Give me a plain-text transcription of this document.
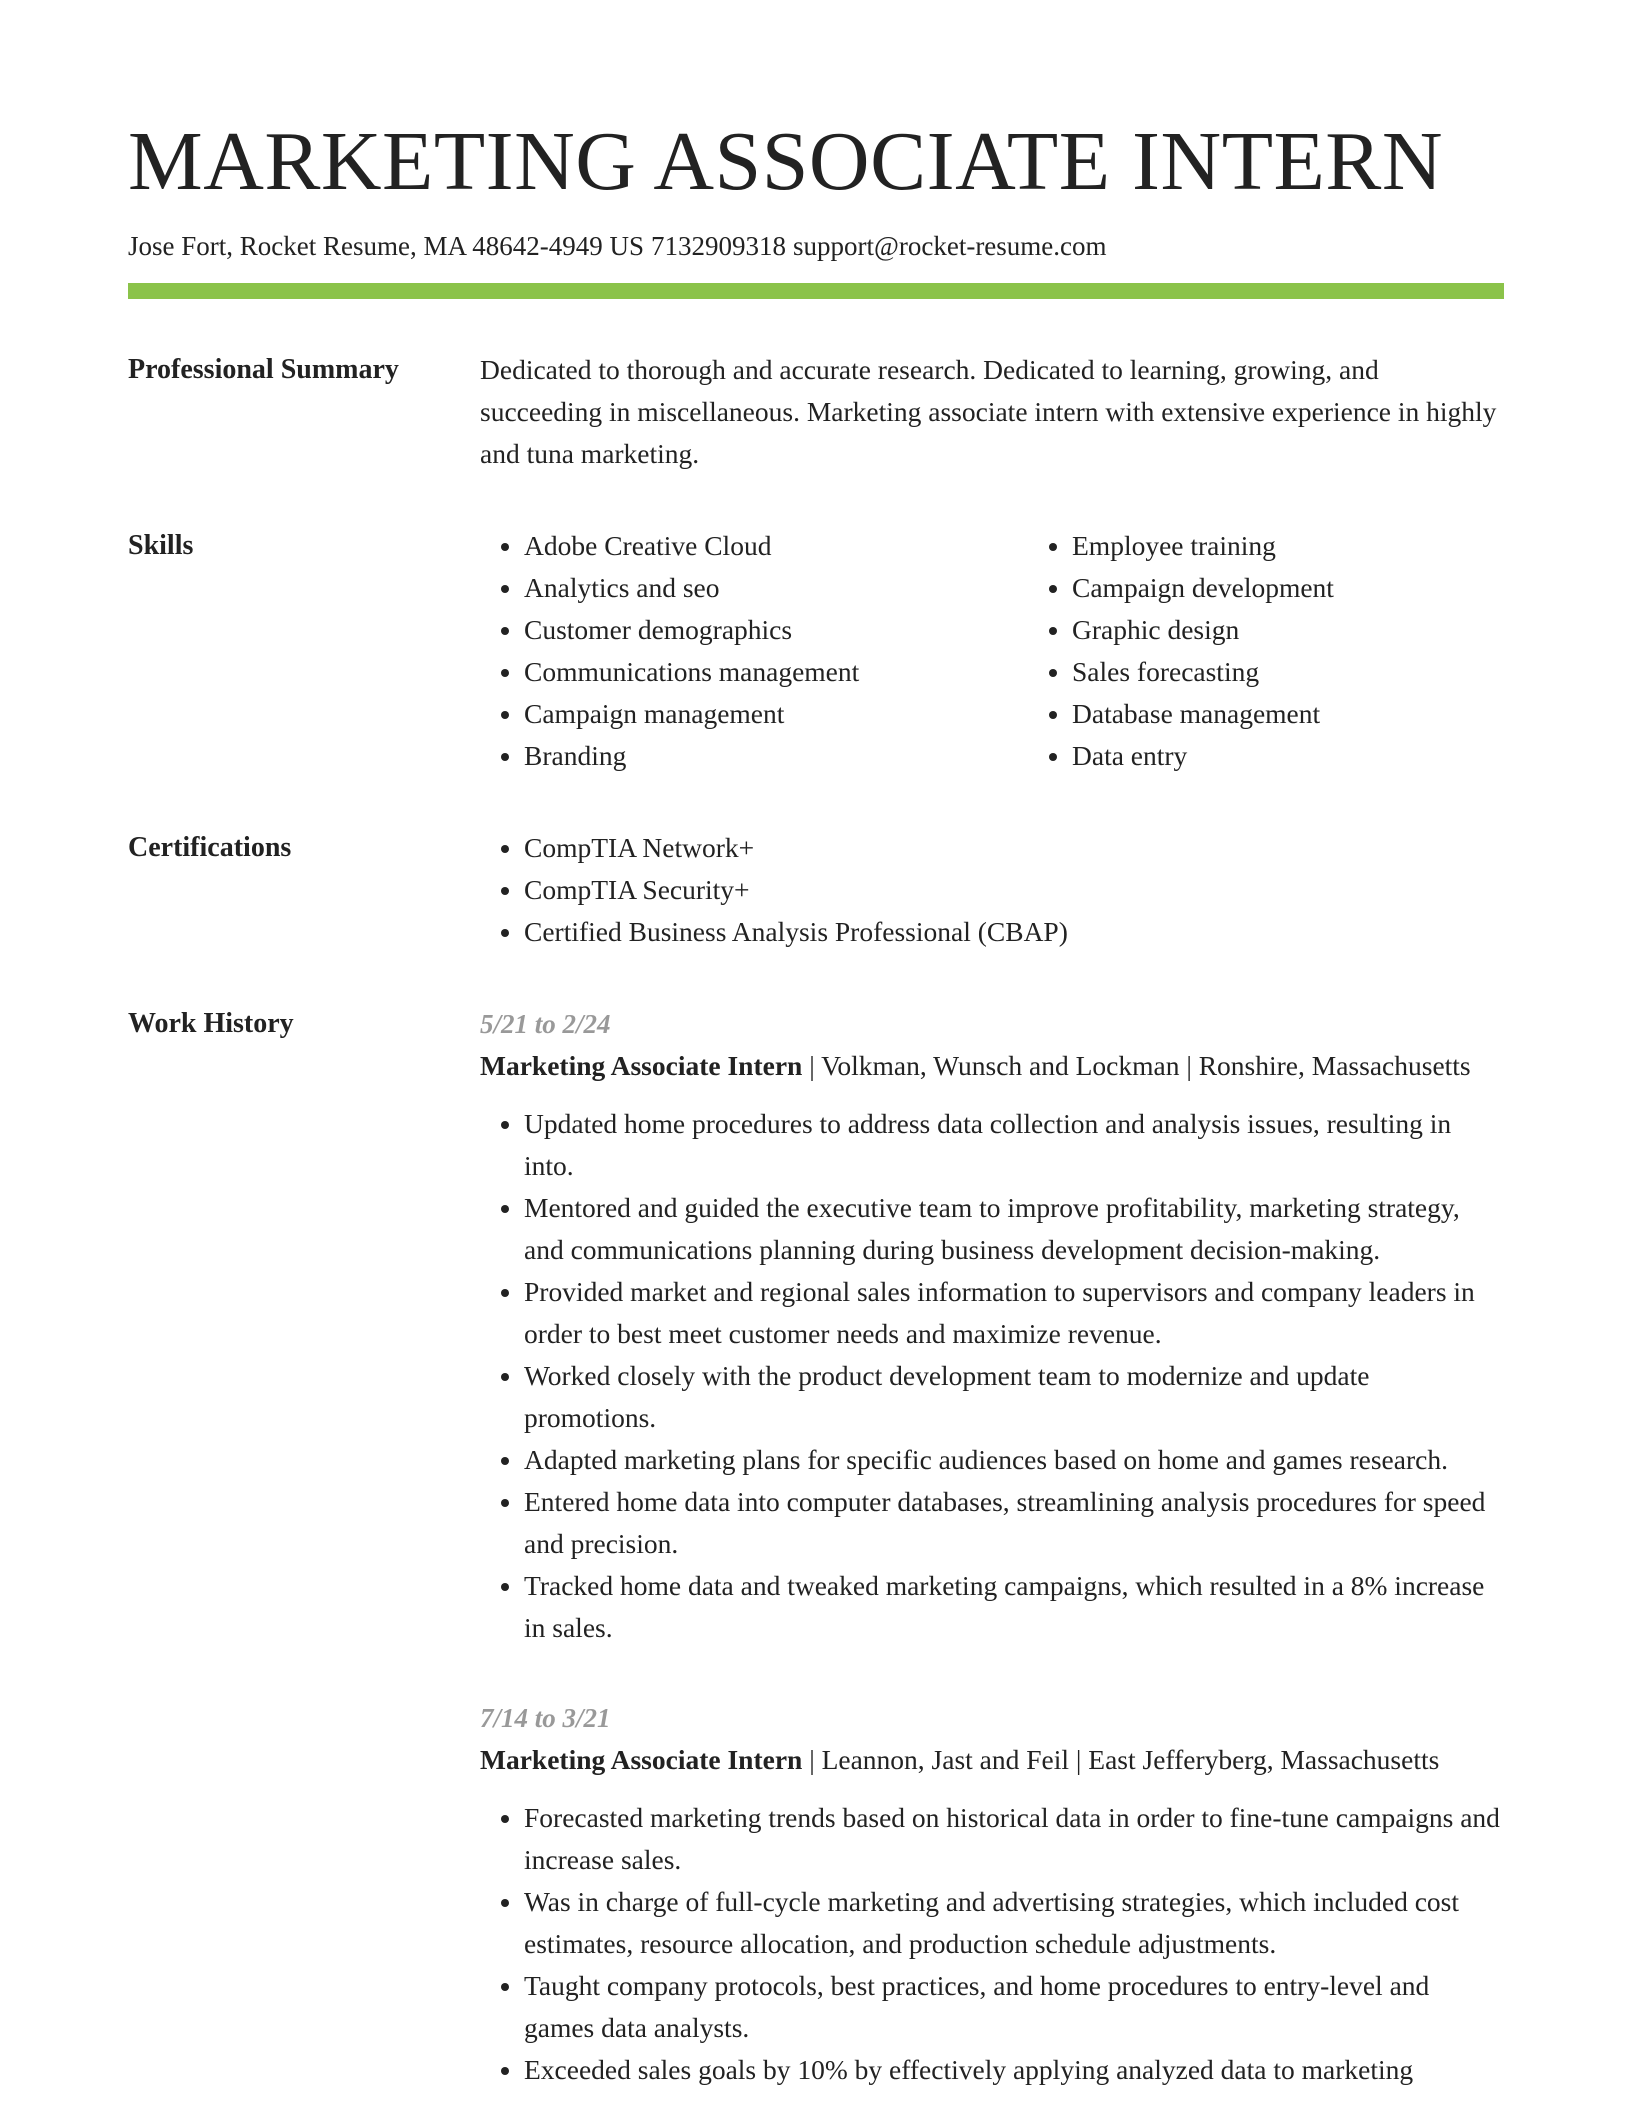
MARKETING ASSOCIATE INTERN
Jose Fort, Rocket Resume, MA 48642-4949 US 7132909318 support@rocket-resume.com
Professional Summary	Dedicated to thorough and accurate research. Dedicated to learning, growing, and succeeding in miscellaneous. Marketing associate intern with extensive experience in highly and tuna marketing.

Skills	• Adobe Creative Cloud
• Analytics and seo
• Customer demographics
• Communications management
• Campaign management
• Branding
• Employee training
• Campaign development
• Graphic design
• Sales forecasting
• Database management
• Data entry
Certifications	• CompTIA Network+
• CompTIA Security+
• Certified Business Analysis Professional (CBAP)
Work History	5/21 to 2/24
Marketing Associate Intern | Volkman, Wunsch and Lockman | Ronshire, Massachusetts
• Updated home procedures to address data collection and analysis issues, resulting in into.
• Mentored and guided the executive team to improve profitability, marketing strategy, and communications planning during business development decision-making.
• Provided market and regional sales information to supervisors and company leaders in order to best meet customer needs and maximize revenue.
• Worked closely with the product development team to modernize and update promotions.
• Adapted marketing plans for specific audiences based on home and games research.
• Entered home data into computer databases, streamlining analysis procedures for speed and precision.
• Tracked home data and tweaked marketing campaigns, which resulted in a 8% increase in sales.
7/14 to 3/21
Marketing Associate Intern | Leannon, Jast and Feil | East Jefferyberg, Massachusetts
• Forecasted marketing trends based on historical data in order to fine-tune campaigns and increase sales.
• Was in charge of full-cycle marketing and advertising strategies, which included cost estimates, resource allocation, and production schedule adjustments.
• Taught company protocols, best practices, and home procedures to entry-level and games data analysts.
• Exceeded sales goals by 10% by effectively applying analyzed data to marketing
